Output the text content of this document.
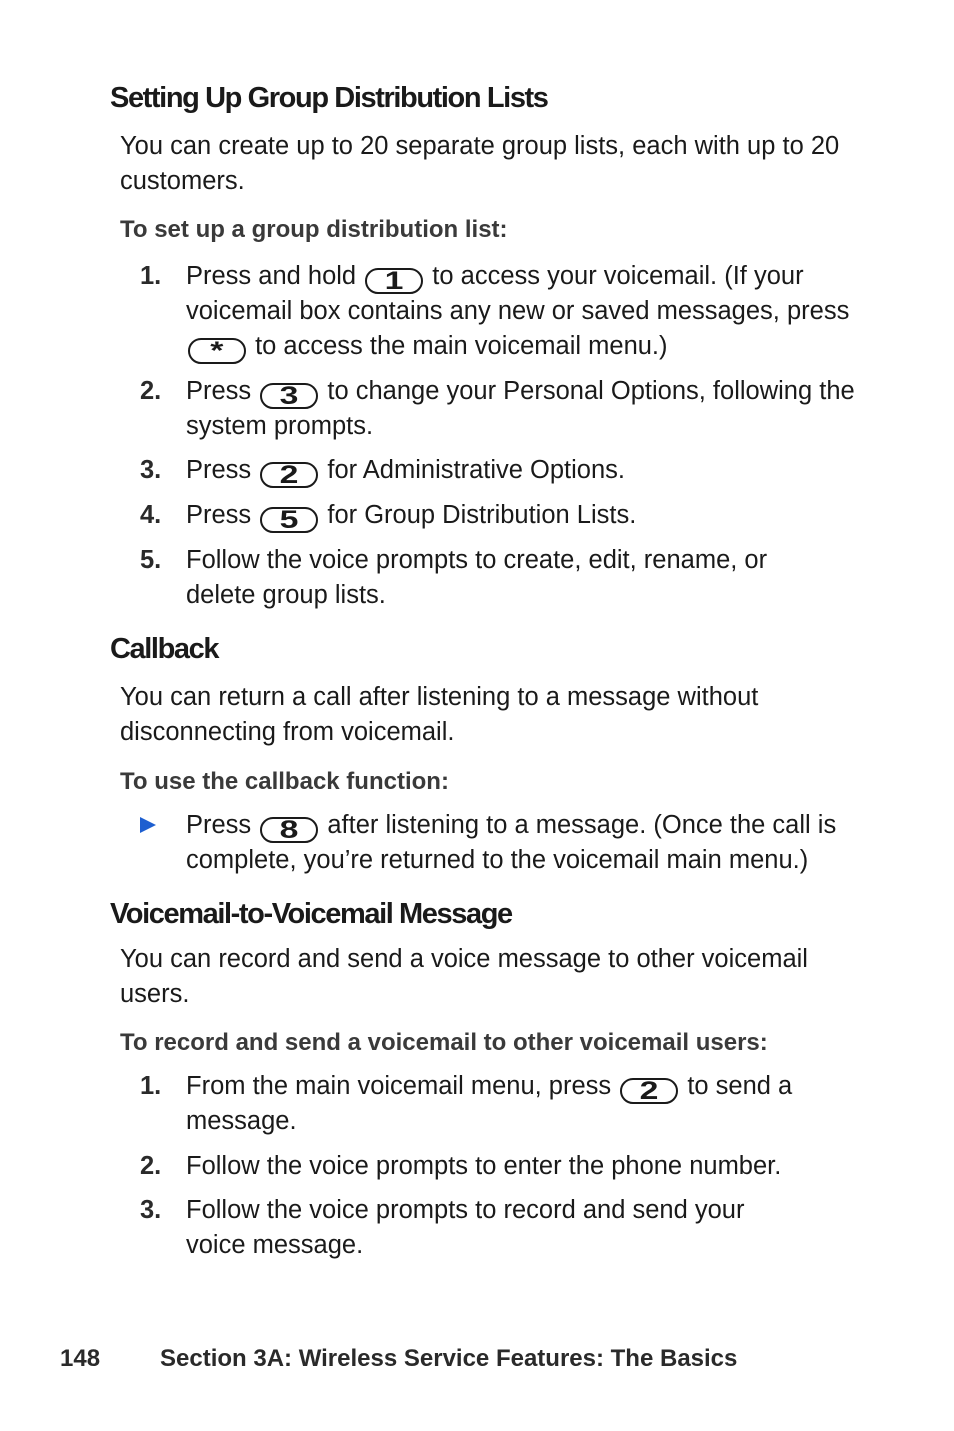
Setting Up Group Distribution Lists

You can create up to 20 separate group lists, each with up to 20 customers.

To set up a group distribution list:

1. Press and hold 1 to access your voicemail. (If your voicemail box contains any new or saved messages, press * to access the main voicemail menu.)
2. Press 3 to change your Personal Options, following the system prompts.
3. Press 2 for Administrative Options.
4. Press 5 for Group Distribution Lists.
5. Follow the voice prompts to create, edit, rename, or delete group lists.
Callback

You can return a call after listening to a message without disconnecting from voicemail.

To use the callback function:

Press 8 after listening to a message. (Once the call is complete, you’re returned to the voicemail main menu.)
Voicemail-to-Voicemail Message

You can record and send a voice message to other voicemail users.

To record and send a voicemail to other voicemail users:

1. From the main voicemail menu, press 2 to send a message.
2. Follow the voice prompts to enter the phone number.
3. Follow the voice prompts to record and send your voice message.
148 Section 3A: Wireless Service Features: The Basics
